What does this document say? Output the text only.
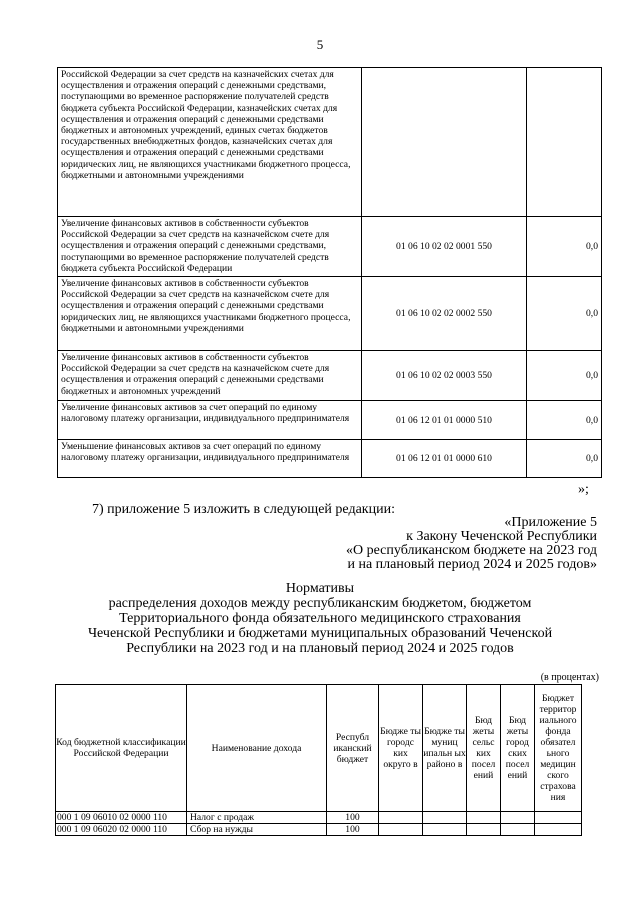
5
Российской Федерации за счет средств на казначейских счетах для осуществления и отражения операций с денежными средствами, поступающими во временное распоряжение получателей средств бюджета субъекта Российской Федерации, казначейских счетах для осуществления и отражения операций с денежными средствами бюджетных и автономных учреждений, единых счетах бюджетов государственных внебюджетных фондов, казначейских счетах для осуществления и отражения операций с денежными средствами юридических лиц, не являющихся участниками бюджетного процесса, бюджетными и автономными учреждениями		
Увеличение финансовых активов в собственности субъектов Российской Федерации за счет средств на казначейском счете для осуществления и отражения операций с денежными средствами, поступающими во временное распоряжение получателей средств бюджета субъекта Российской Федерации	01 06 10 02 02 0001 550	0,0
Увеличение финансовых активов в собственности субъектов Российской Федерации за счет средств на казначейском счете для осуществления и отражения операций с денежными средствами юридических лиц, не являющихся участниками бюджетного процесса, бюджетными и автономными учреждениями	01 06 10 02 02 0002 550	0,0
Увеличение финансовых активов в собственности субъектов Российской Федерации за счет средств на казначейском счете для осуществления и отражения операций с денежными средствами бюджетных и автономных учреждений	01 06 10 02 02 0003 550	0,0
Увеличение финансовых активов за счет операций по единому налоговому платежу организации, индивидуального предпринимателя	01 06 12 01 01 0000 510	0,0
Уменьшение финансовых активов за счет операций по единому налоговому платежу организации, индивидуального предпринимателя	01 06 12 01 01 0000 610	0,0
»;
7) приложение 5 изложить в следующей редакции:
«Приложение 5
к Закону Чеченской Республики
«О республиканском бюджете на 2023 год
и на плановый период 2024 и 2025 годов»
Нормативы
распределения доходов между республиканским бюджетом, бюджетом
Территориального фонда обязательного медицинского страхования
Чеченской Республики и бюджетами муниципальных образований Чеченской
Республики на 2023 год и на плановый период 2024 и 2025 годов
(в процентах)
Код бюджетной классификации Российской Федерации	Наименование дохода	Республ иканский бюджет	Бюдже ты городс ких округо в	Бюдже ты муниц ипальн ых районо в	Бюд жеты сельс ких посел ений	Бюд жеты город ских посел ений	Бюджет территор иального фонда обязател ьного медицин ского страхова ния
000 1 09 06010 02 0000 110	Налог с продаж	100					
000 1 09 06020 02 0000 110	Сбор на нужды	100					
